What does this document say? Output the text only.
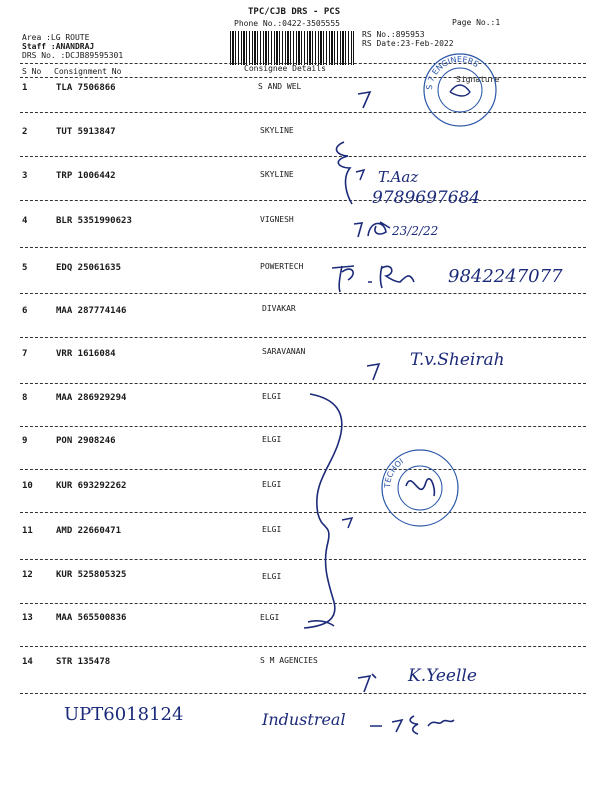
TPC/CJB DRS - PCS
Phone No.:0422-3505555	Page No.:1
Area :LG ROUTE
Staff :ANANDRAJ
DRS No. :DCJB89595301
RS No.:895953
RS Date:23-Feb-2022
S No Consignment No	Consignee Details
Signature
1	TLA 7506866	S AND WEL
2	TUT 5913847	SKYLINE
3	TRP 1006442	SKYLINE
4	BLR 5351990623	VIGNESH
5	EDQ 25061635	POWERTECH
6	MAA 287774146	DIVAKAR
7	VRR 1616084	SARAVANAN
8	MAA 286929294	ELGI
9	PON 2908246	ELGI
10	KUR 693292262	ELGI
11	AMD 22660471	ELGI
12	KUR 525805325	ELGI
13	MAA 565500836	ELGI
14	STR 135478	S M AGENCIES
S 7 ENGINEERS
TECHOI
T.Aaz
9789697684
23/2/22
9842247077
T.v.Sheirah
K.Yeelle
UPT6018124	Industreal
